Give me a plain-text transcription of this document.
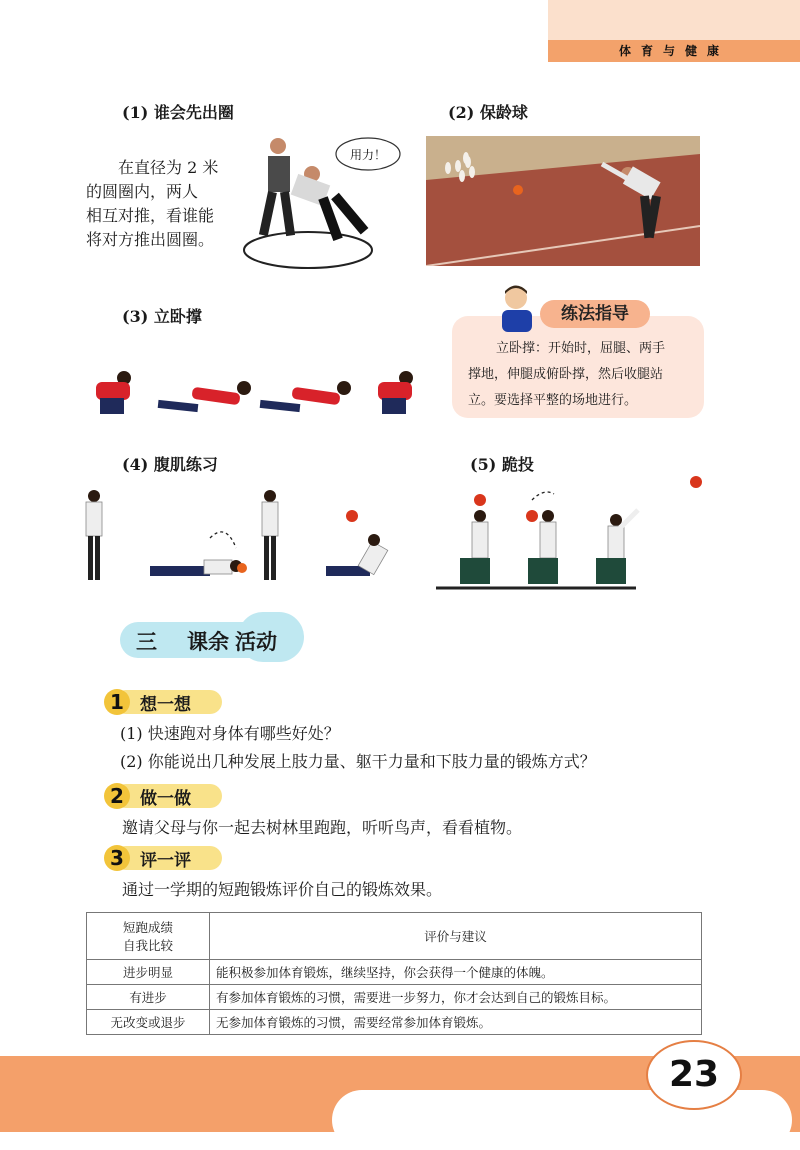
体育与健康
(1) 谁会先出圈
在直径为 2 米
的圆圈内，两人
相互对推，看谁能
将对方推出圆圈。
用力！
(2) 保龄球
(3) 立卧撑	练法指导
立卧撑：开始时，屈腿、两手
撑地，伸腿成俯卧撑，然后收腿站
立。要选择平整的场地进行。
(4) 腹肌练习	(5) 跪投
三 课余 活动
1 想一想
(1) 快速跑对身体有哪些好处？
(2) 你能说出几种发展上肢力量、躯干力量和下肢力量的锻炼方式？
2 做一做
邀请父母与你一起去树林里跑跑，听听鸟声，看看植物。
3 评一评
通过一学期的短跑锻炼评价自己的锻炼效果。
短跑成绩
自我比较	评价与建议
进步明显	能积极参加体育锻炼，继续坚持，你会获得一个健康的体魄。
有进步	有参加体育锻炼的习惯，需要进一步努力，你才会达到自己的锻炼目标。
无改变或退步	无参加体育锻炼的习惯，需要经常参加体育锻炼。
23
